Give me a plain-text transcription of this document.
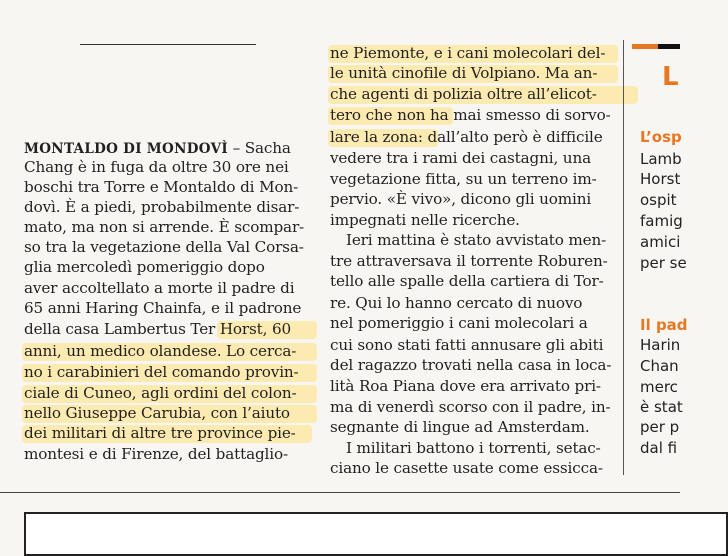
MONTALDO DI MONDOVÌ – Sacha
Chang è in fuga da oltre 30 ore nei
boschi tra Torre e Montaldo di Mon-
dovì. È a piedi, probabilmente disar-
mato, ma non si arrende. È scompar-
so tra la vegetazione della Val Corsa-
glia mercoledì pomeriggio dopo
aver accoltellato a morte il padre di
65 anni Haring Chainfa, e il padrone
della casa Lambertus Ter Horst, 60
anni, un medico olandese. Lo cerca-
no i carabinieri del comando provin-
ciale di Cuneo, agli ordini del colon-
nello Giuseppe Carubia, con l’aiuto
dei militari di altre tre province pie-
montesi e di Firenze, del battaglio-
ne Piemonte, e i cani molecolari del-
le unità cinofile di Volpiano. Ma an-
che agenti di polizia oltre all’elicot-
tero che non ha mai smesso di sorvo-
lare la zona: dall’alto però è difficile
vedere tra i rami dei castagni, una
vegetazione fitta, su un terreno im-
pervio. «È vivo», dicono gli uomini
impegnati nelle ricerche.
Ieri mattina è stato avvistato men-
tre attraversava il torrente Roburen-
tello alle spalle della cartiera di Tor-
re. Qui lo hanno cercato di nuovo
nel pomeriggio i cani molecolari a
cui sono stati fatti annusare gli abiti
del ragazzo trovati nella casa in loca-
lità Roa Piana dove era arrivato pri-
ma di venerdì scorso con il padre, in-
segnante di lingue ad Amsterdam.
I militari battono i torrenti, setac-
ciano le casette usate come essicca-
L
L’osp
Lamb
Horst
ospit
famig
amici
per se
Il pad
Harin
Chan
merc
è stat
per p
dal fi
